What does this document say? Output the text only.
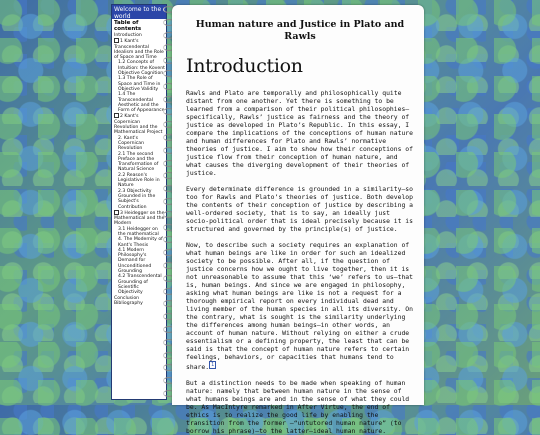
Welcome to the world
Table of contents
Introduction
1 Kant's Transcendental Idealism and the Role of Space and Time
1.2 Concepts of Intuition: the Kovent Objective Cognition
1.3 The Role of Space and Time in Objective Validity
1.4 The Transcendental Aesthetic and the Form of Appearance
2 Kant's Copernican Revolution and the Mathematical Project
2. Kant's Copernican Revolution
2.1 The second Preface and the Transformation of Natural Science
2.2 Reason's Legislative Role in Nature
2.3 Objectivity Grounded in the Subject's Contribution
3 Heidegger on the Mathematical and the Modern
3.1 Heidegger on the mathematical
4. The Modernity of Kant's Thesis
4.1 Modern Philosophy's Demand for Unconditioned Grounding
4.2 Transcendental Grounding of Scientific Objectivity
Conclusion
Bibliography
Human nature and Justice in Plato and Rawls
Introduction

Rawls and Plato are temporally and philosophically quite distant from one another. Yet there is something to be learned from a comparison of their political philosophies—specifically, Rawls’ justice as fairness and the theory of justice as developed in Plato’s Republic. In this essay, I compare the implications of the conceptions of human nature and human differences for Plato and Rawls’ normative theories of justice. I aim to show how their conceptions of justice flow from their conception of human nature, and what causes the diverging development of their theories of justice.

Every determinate difference is grounded in a similarity—so too for Rawls and Plato’s theories of justice. Both develop the contents of their conception of justice by describing a well-ordered society, that is to say, an ideally just socio-political order that is ideal precisely because it is structured and governed by the principle(s) of justice.

Now, to describe such a society requires an explanation of what human beings are like in order for such an idealized society to be possible. After all, if the question of justice concerns how we ought to live together, then it is not unreasonable to assume that this ‘we’ refers to us—that is, human beings. And since we are engaged in philosophy, asking what human beings are like is not a request for a thorough empirical report on every individual dead and living member of the human species in all its diversity. On the contrary, what is sought is the similarity underlying the differences among human beings—in other words, an account of human nature. Without relying on either a crude essentialism or a defining property, the least that can be said is that the concept of human nature refers to certain feelings, behaviors, or capacities that humans tend to share. $^1$

But a distinction needs to be made when speaking of human nature: namely that between human nature in the sense of what humans beings are and in the sense of what they could be. As MacIntyre remarked in After Virtue, the end of ethics is to realize the good life by enabling the transition from the former –“untutored human nature” (to borrow his phrase)–to the latter–ideal human nature.
